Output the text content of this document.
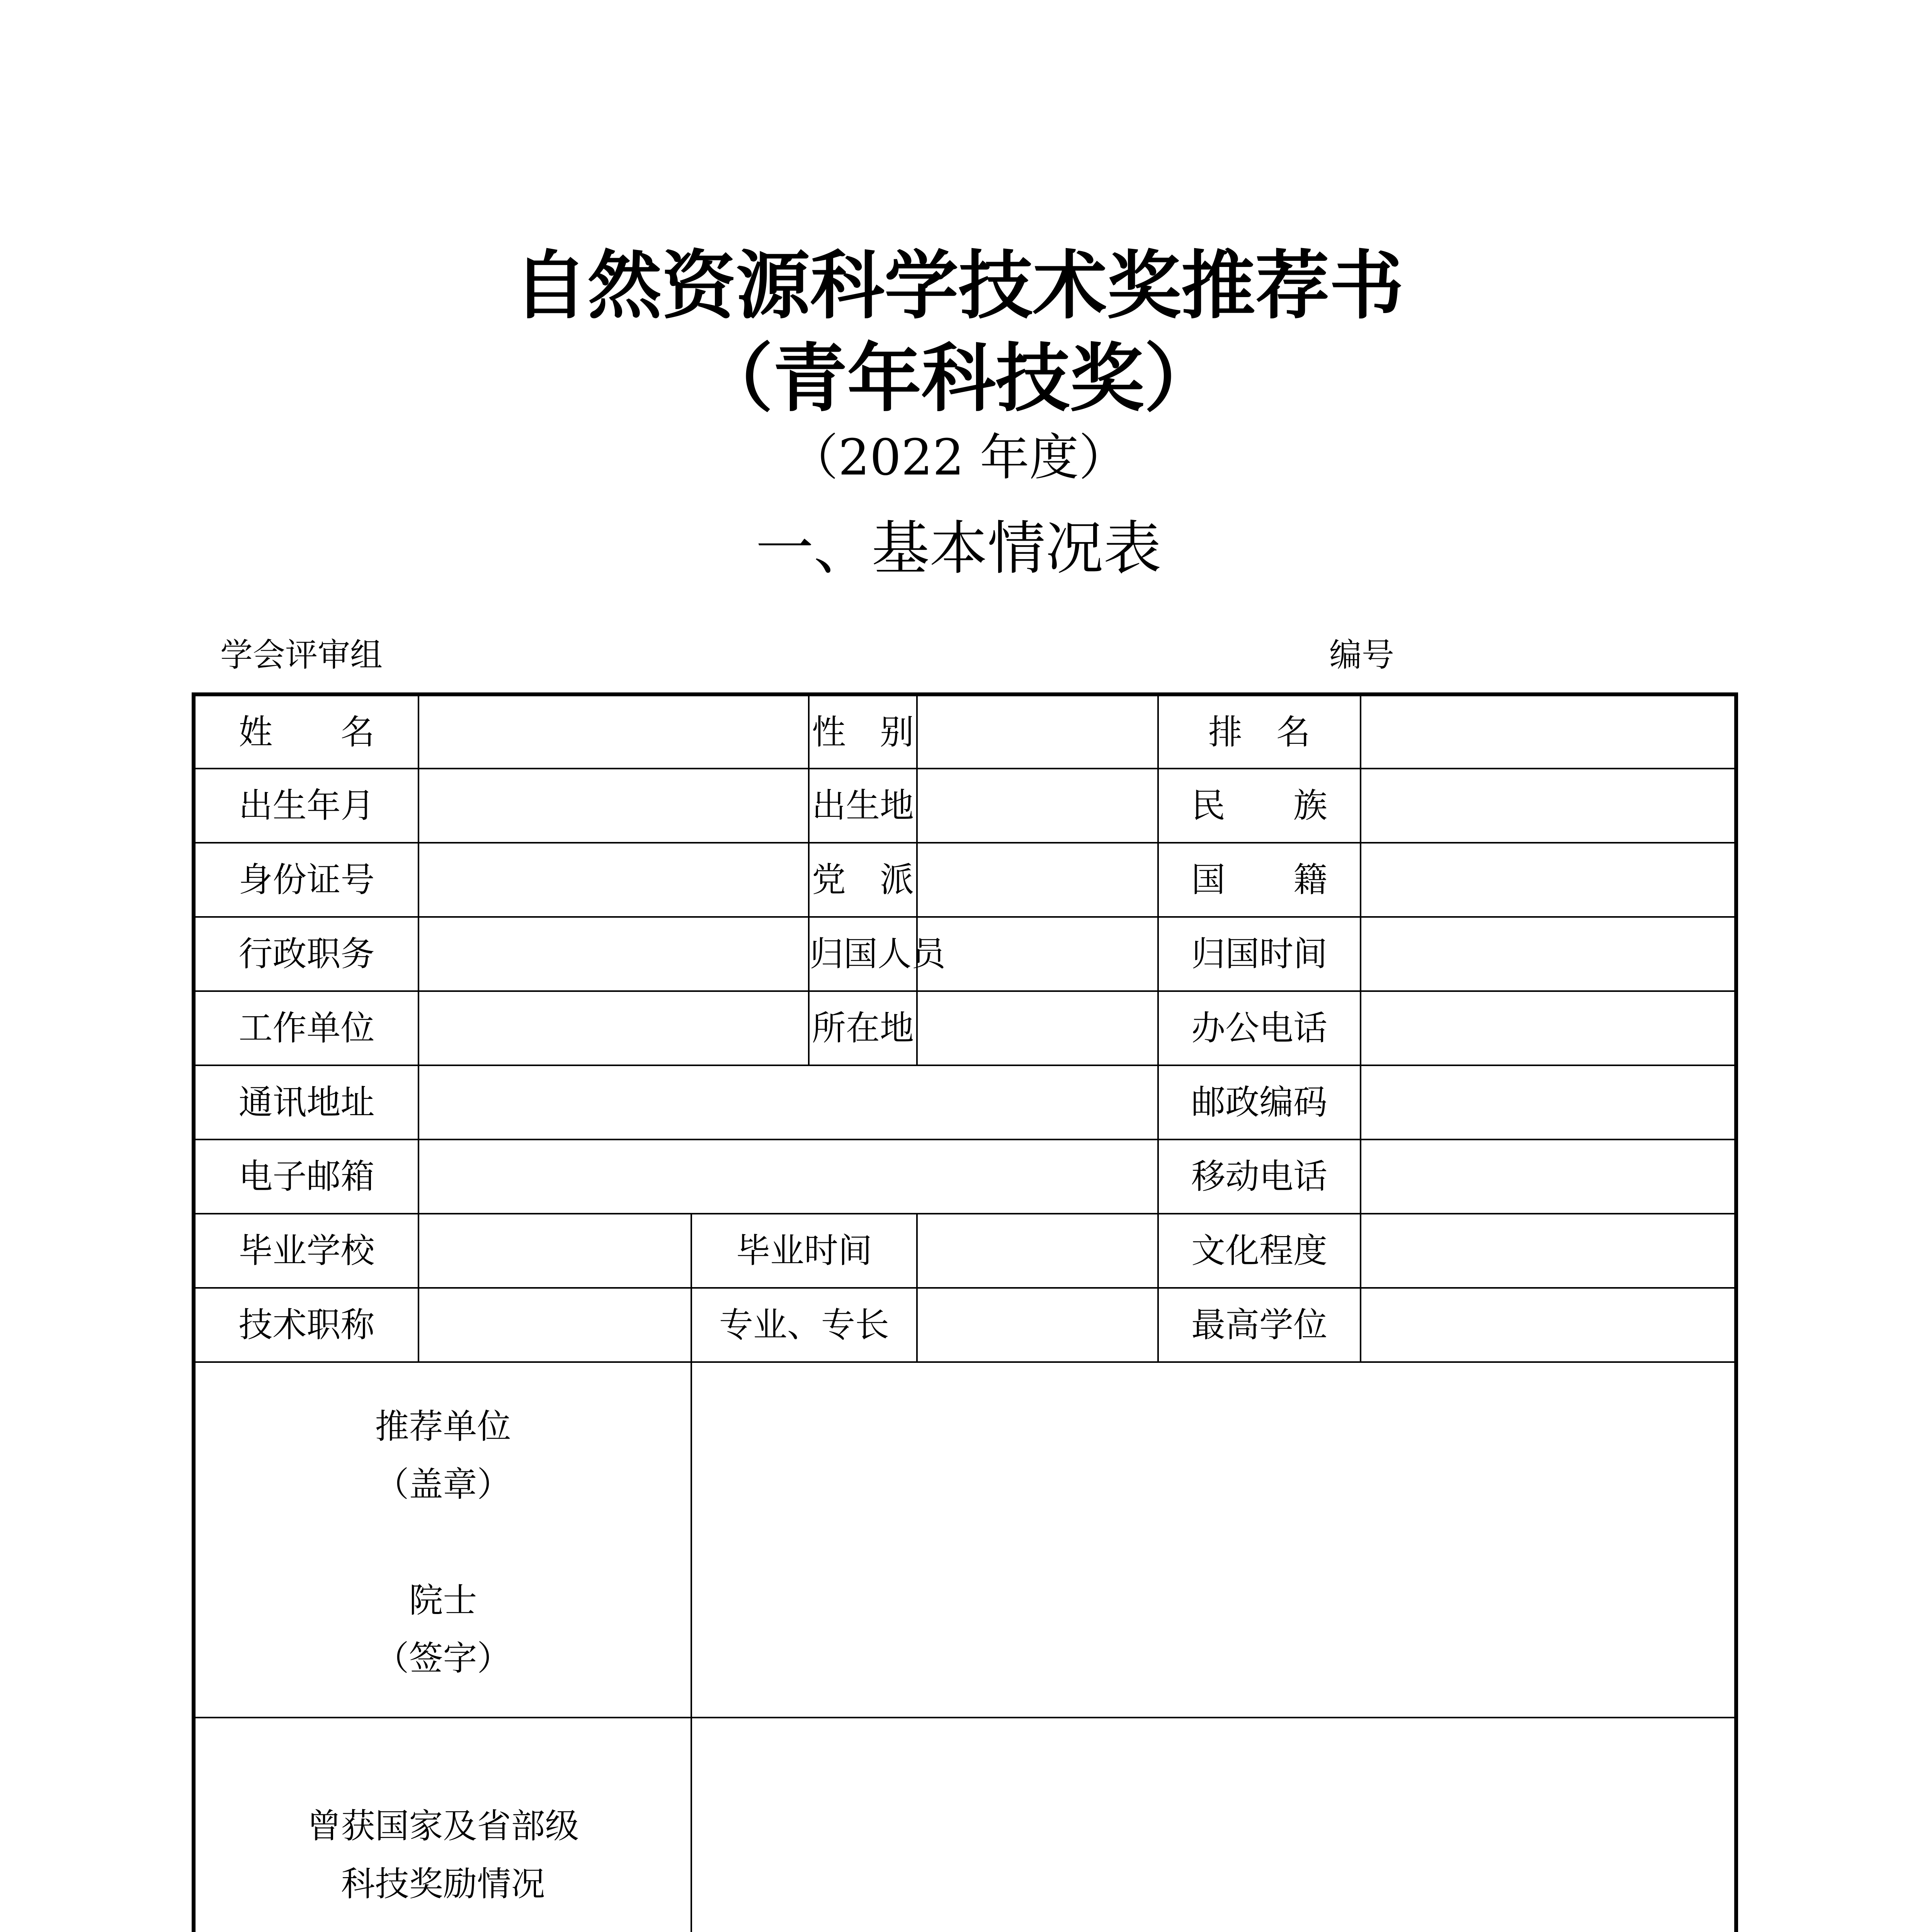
自然资源科学技术奖推荐书
（青年科技奖）
（2022 年度）
一、基本情况表
学会评审组	编号
姓　　名			性　别		排　名	
出生年月			出生地		民　　族	
身份证号			党　派		国　　籍	
行政职务			归国人员		归国时间	
工作单位			所在地		办公电话	
通讯地址					邮政编码	
电子邮箱					移动电话	
毕业学校		毕业时间			文化程度	
技术职称		专业、专长			最高学位	

推荐单位
（盖章）
院士
（签字）						

曾获国家及省部级
科技奖励情况						
